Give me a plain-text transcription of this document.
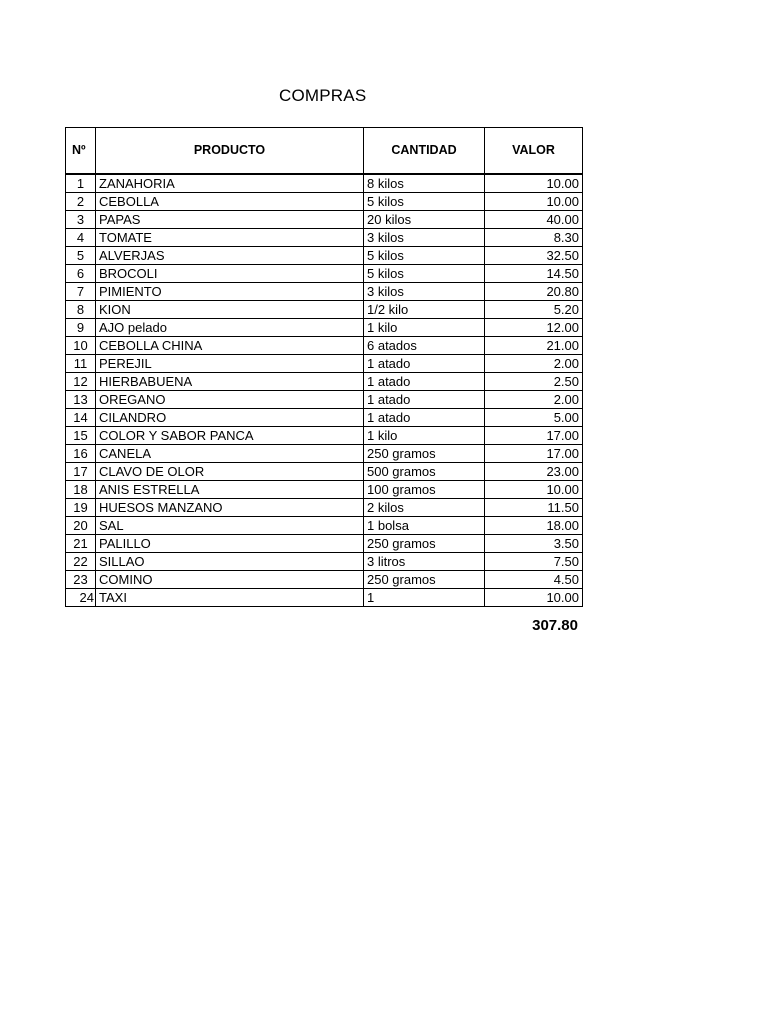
COMPRAS
Nº	PRODUCTO	CANTIDAD	VALOR

1	ZANAHORIA	8 kilos	10.00
2	CEBOLLA	5 kilos	10.00
3	PAPAS	20 kilos	40.00
4	TOMATE	3 kilos	8.30
5	ALVERJAS	5 kilos	32.50
6	BROCOLI	5 kilos	14.50
7	PIMIENTO	3 kilos	20.80
8	KION	1/2 kilo	5.20
9	AJO pelado	1 kilo	12.00
10	CEBOLLA CHINA	6 atados	21.00
11	PEREJIL	1 atado	2.00
12	HIERBABUENA	1 atado	2.50
13	OREGANO	1 atado	2.00
14	CILANDRO	1 atado	5.00
15	COLOR Y SABOR PANCA	1 kilo	17.00
16	CANELA	250 gramos	17.00
17	CLAVO DE OLOR	500 gramos	23.00
18	ANIS ESTRELLA	100 gramos	10.00
19	HUESOS MANZANO	2 kilos	11.50
20	SAL	1 bolsa	18.00
21	PALILLO	250 gramos	3.50
22	SILLAO	3 litros	7.50
23	COMINO	250 gramos	4.50
24	TAXI	1	10.00
307.80
